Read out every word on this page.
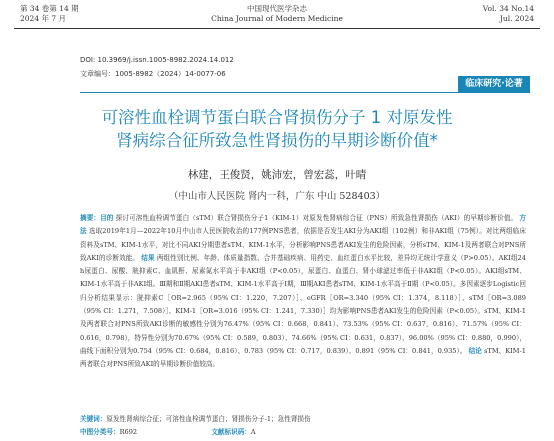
第 34 卷第 14 期
2024 年 7 月
中国现代医学杂志
China Journal of Modern Medicine
Vol. 34 No.14
Jul. 2024
DOI: 10.3969/j.issn.1005-8982.2024.14.012
文章编号：1005-8982（2024）14-0077-06
临床研究·论著
可溶性血栓调节蛋白联合肾损伤分子 1 对原发性
肾病综合征所致急性肾损伤的早期诊断价值*
林建，王俊贤，姚沛宏，曾宏蕊，叶晴
（中山市人民医院 肾内一科，广东 中山 528403）

摘要：目的 探讨可溶性血栓调节蛋白（sTM）联合肾损伤分子1（KIM-1）对原发性肾病综合征（PNS）所致急性肾损伤（AKI）的早期诊断价值。 方法 选取2019年1月—2022年10月中山市人民医院收治的177例PNS患者，依据是否发生AKI分为AKI组（102例）和非AKI组（75例）。对比两组临床资料及sTM、KIM-1水平，对比不同AKI分期患者sTM、KIM-1水平，分析影响PNS患者AKI发生的危险因素，分析sTM、KIM-1及两者联合对PNS所致AKI的诊断效能。 结果 两组性别比例、年龄、体质量指数、合并基础疾病、用药史、血红蛋白水平比较，差异均无统计学意义（P>0.05）。AKI组24 h尿蛋白、尿酸、胱抑素C、血肌酐、尿素氮水平高于非AKI组（P<0.05），尿蛋白、血蛋白、肾小球滤过率低于非AKI组（P<0.05）。AKI组sTM、KIM-1水平高于非AKI组。Ⅲ期和Ⅱ期AKI患者sTM、KIM-1水平高于Ⅰ期，Ⅲ期AKI患者sTM、KIM-1水平高于Ⅱ期（P<0.05）。多因素逐步Logistic回归分析结果显示：胱抑素C［OR=2.965（95% CI：1.220，7.207）］、eGFR［OR=3.340（95% CI：1.374，8.118）］、sTM［OR=3.089（95% CI：1.271，7.508）］、KIM-1［OR=3.016（95% CI：1.241，7.330）］均为影响PNS患者AKI发生的危险因素（P<0.05）。sTM、KIM-1及两者联合对PNS所致AKI诊断的敏感性分别为76.47%（95% CI：0.668，0.841）、73.53%（95% CI：0.637，0.816）、71.57%（95% CI：0.616，0.798），特异性分别为70.67%（95% CI：0.589，0.803）、74.66%（95% CI：0.631，0.837）、96.00%（95% CI：0.880，0.990），曲线下面积分别为0.754（95% CI：0.684，0.816）、0.783（95% CI：0.717，0.839）、0.891（95% CI：0.841，0.935）。 结论 sTM、KIM-1两者联合对PNS所致AKI的早期诊断价值较高。

关键词：原发性肾病综合征；可溶性血栓调节蛋白；肾损伤分子-1；急性肾损伤
中图分类号：R692	文献标识码：A
